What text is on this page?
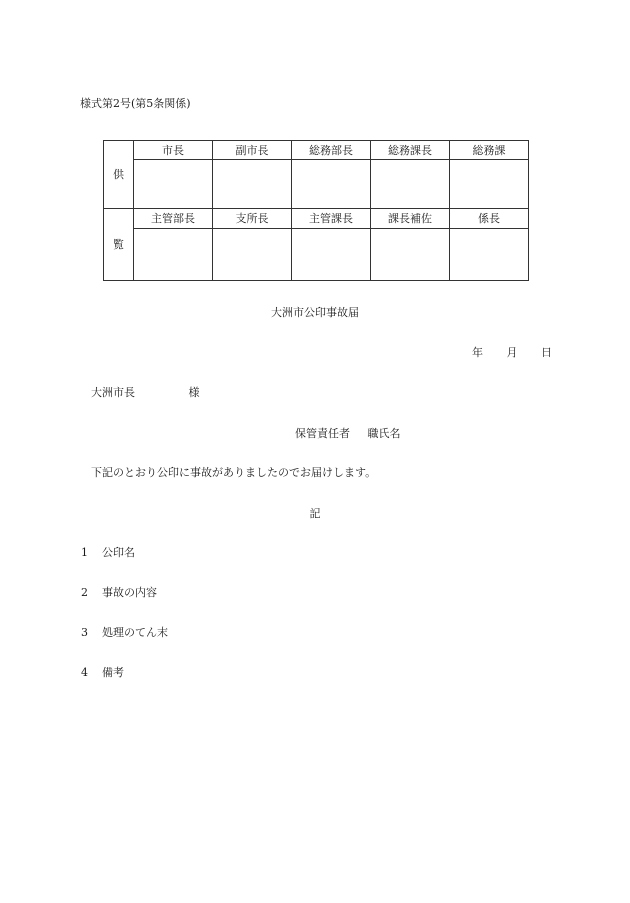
様式第2号(第5条関係)
供	市長	副市長	総務部長	総務課長	総務課

覧	主管部長	支所長	主管課長	課長補佐	係長

大洲市公印事故届
年 月 日
大洲市長	様
保管責任者 職氏名
下記のとおり公印に事故がありましたのでお届けします。
記
1 公印名
2 事故の内容
3 処理のてん末
4 備考
